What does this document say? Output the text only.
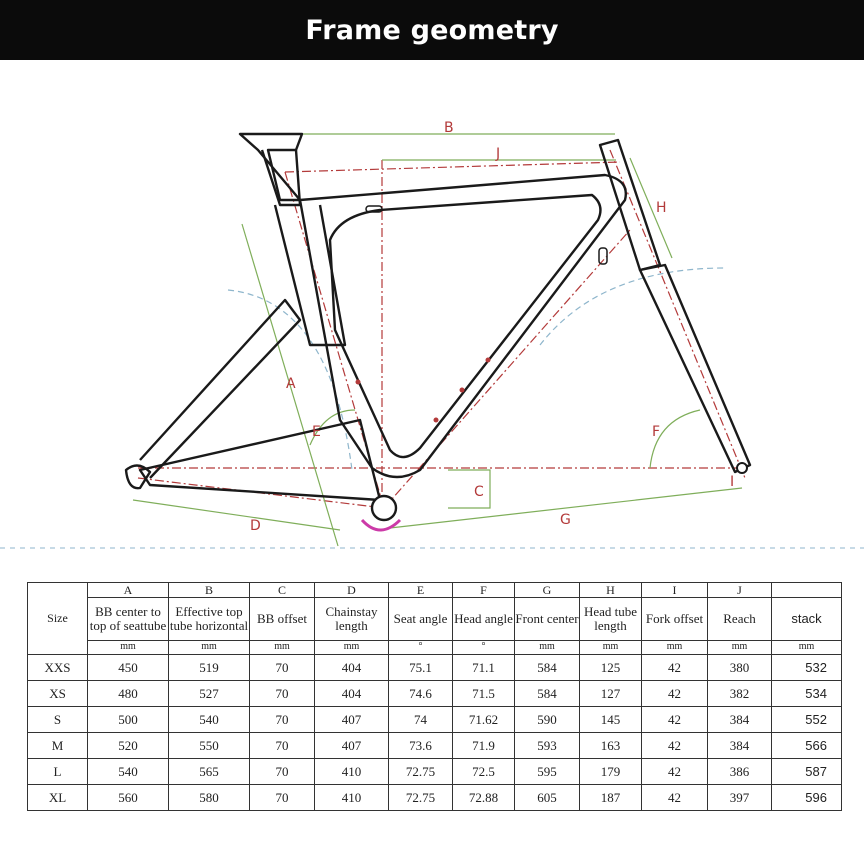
Frame geometry
B
J
H
A
E
D
C
G
F
I
Size	A	B	C	D	E	F	G	H	I	J	
	BB center to top of seattube	Effective top tube horizontal	BB offset	Chainstay length	Seat angle	Head angle	Front center	Head tube length	Fork offset	Reach	stack
	mm	mm	mm	mm	°	°	mm	mm	mm	mm	mm
XXS	450	519	70	404	75.1	71.1	584	125	42	380	532
XS	480	527	70	404	74.6	71.5	584	127	42	382	534
S	500	540	70	407	74	71.62	590	145	42	384	552
M	520	550	70	407	73.6	71.9	593	163	42	384	566
L	540	565	70	410	72.75	72.5	595	179	42	386	587
XL	560	580	70	410	72.75	72.88	605	187	42	397	596
